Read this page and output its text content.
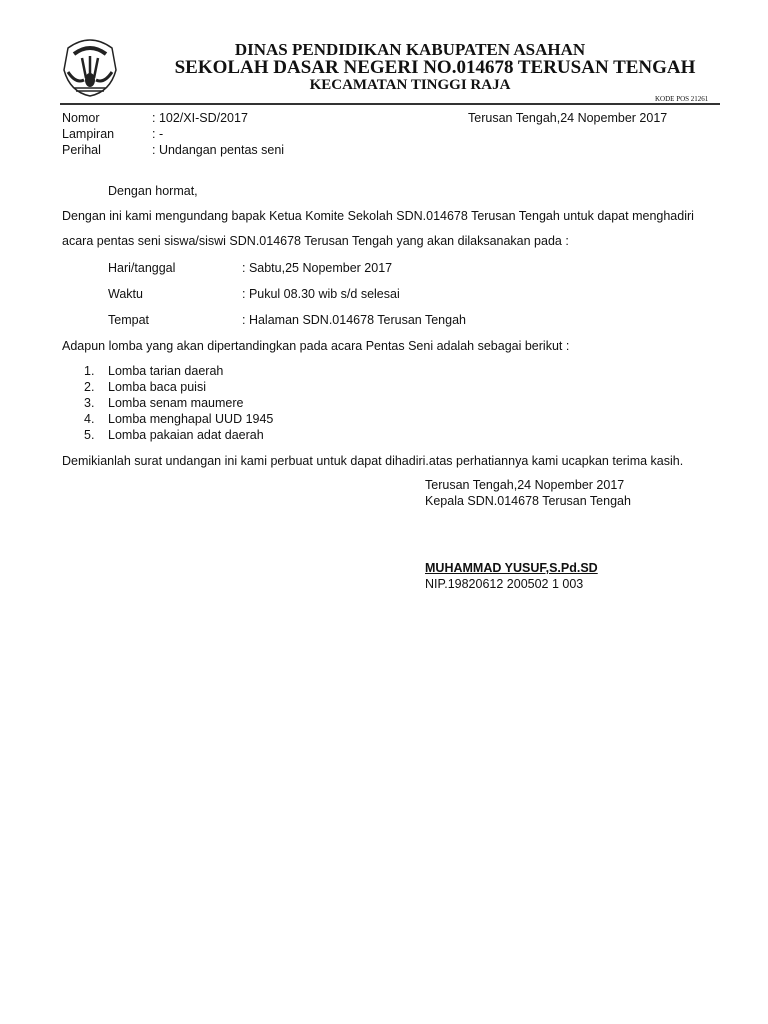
DINAS PENDIDIKAN KABUPATEN ASAHAN
SEKOLAH DASAR NEGERI NO.014678 TERUSAN TENGAH
KECAMATAN TINGGI RAJA
KODE POS 21261
Nomor	: 102/XI-SD/2017
Lampiran	: -
Perihal	: Undangan pentas seni
Terusan Tengah,24 Nopember 2017
Dengan hormat,
Dengan ini kami mengundang bapak Ketua Komite Sekolah SDN.014678 Terusan Tengah untuk dapat menghadiri
acara pentas seni siswa/siswi SDN.014678 Terusan Tengah yang akan dilaksanakan pada :
Hari/tanggal	: Sabtu,25 Nopember 2017
Waktu	: Pukul 08.30 wib s/d selesai
Tempat	: Halaman SDN.014678 Terusan Tengah
Adapun lomba yang akan dipertandingkan pada acara Pentas Seni adalah sebagai berikut :
1. Lomba tarian daerah
2. Lomba baca puisi
3. Lomba senam maumere
4. Lomba menghapal UUD 1945
5. Lomba pakaian adat daerah
Demikianlah surat undangan ini kami perbuat untuk dapat dihadiri.atas perhatiannya kami ucapkan terima kasih.
Terusan Tengah,24 Nopember 2017
Kepala SDN.014678 Terusan Tengah
MUHAMMAD YUSUF,S.Pd.SD
NIP.19820612 200502 1 003
